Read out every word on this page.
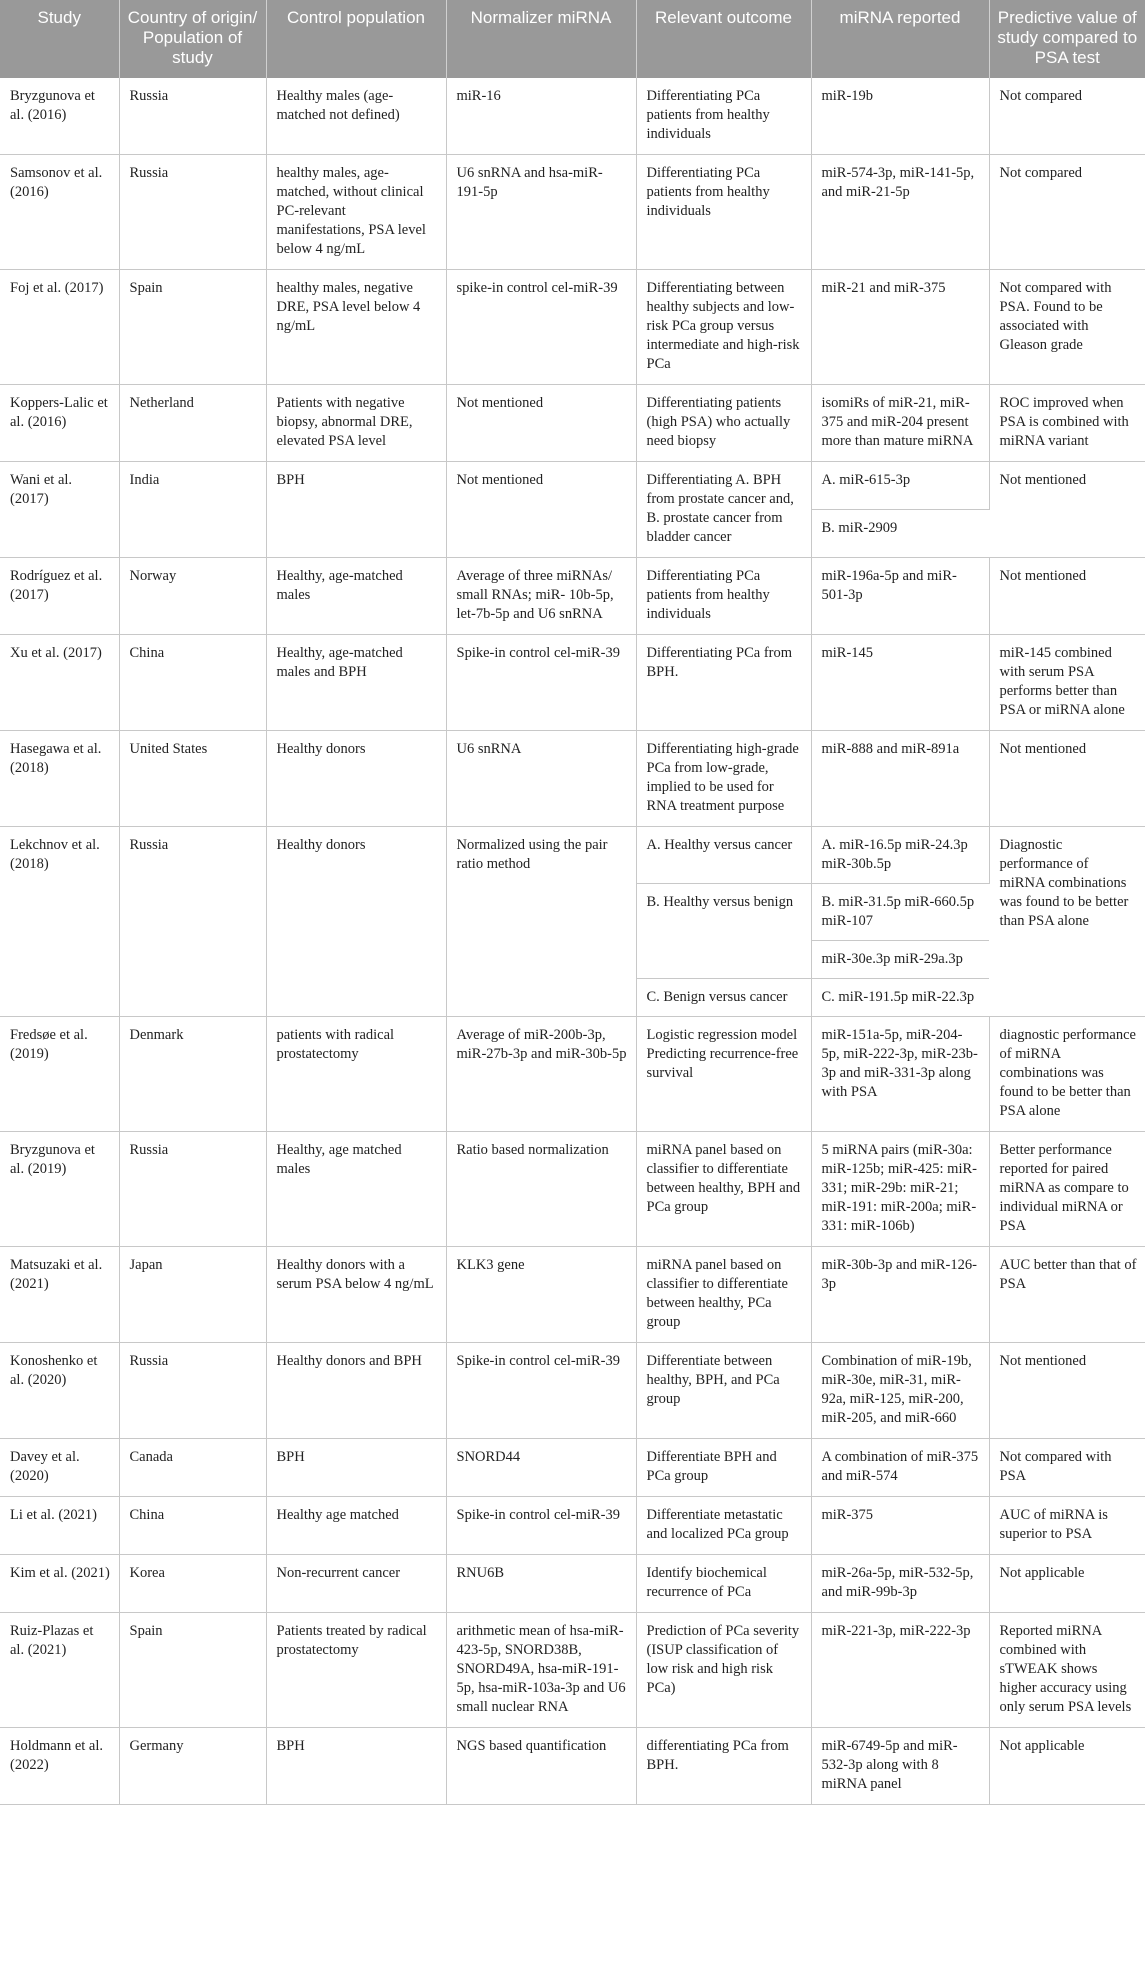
Study	Country of origin/ Population of study	Control population	Normalizer miRNA	Relevant outcome	miRNA reported	Predictive value of study compared to PSA test
Bryzgunova et al. (2016)	Russia	Healthy males (age-matched not defined)	miR-16	Differentiating PCa patients from healthy individuals	miR-19b	Not compared
Samsonov et al. (2016)	Russia	healthy males, age-matched, without clinical PC-relevant manifestations, PSA level below 4 ng/mL	U6 snRNA and hsa-miR-191-5p	Differentiating PCa patients from healthy individuals	miR-574-3p, miR-141-5p, and miR-21-5p	Not compared
Foj et al. (2017)	Spain	healthy males, negative DRE, PSA level below 4 ng/mL	spike-in control cel-miR-39	Differentiating between healthy subjects and low-risk PCa group versus intermediate and high-risk PCa	miR-21 and miR-375	Not compared with PSA. Found to be associated with Gleason grade
Koppers-Lalic et al. (2016)	Netherland	Patients with negative biopsy, abnormal DRE, elevated PSA level	Not mentioned	Differentiating patients (high PSA) who actually need biopsy	isomiRs of miR-21, miR-375 and miR-204 present more than mature miRNA	ROC improved when PSA is combined with miRNA variant
Wani et al. (2017)	India	BPH	Not mentioned	Differentiating A. BPH from prostate cancer and, B. prostate cancer from bladder cancer	A. miR-615-3p	Not mentioned
					B. miR-2909	
Rodríguez et al. (2017)	Norway	Healthy, age-matched males	Average of three miRNAs/ small RNAs; miR- 10b-5p, let-7b-5p and U6 snRNA	Differentiating PCa patients from healthy individuals	miR-196a-5p and miR-501-3p	Not mentioned
Xu et al. (2017)	China	Healthy, age-matched males and BPH	Spike-in control cel-miR-39	Differentiating PCa from BPH.	miR-145	miR-145 combined with serum PSA performs better than PSA or miRNA alone
Hasegawa et al. (2018)	United States	Healthy donors	U6 snRNA	Differentiating high-grade PCa from low-grade, implied to be used for RNA treatment purpose	miR-888 and miR-891a	Not mentioned
Lekchnov et al. (2018)	Russia	Healthy donors	Normalized using the pair ratio method	A. Healthy versus cancer	A. miR-16.5p miR-24.3p miR-30b.5p	Diagnostic performance of miRNA combinations was found to be better than PSA alone
				B. Healthy versus benign	B. miR-31.5p miR-660.5p miR-107	
					miR-30e.3p miR-29a.3p	
				C. Benign versus cancer	C. miR-191.5p miR-22.3p	
Fredsøe et al. (2019)	Denmark	patients with radical prostatectomy	Average of miR-200b-3p, miR-27b-3p and miR-30b-5p	Logistic regression model Predicting recurrence-free survival	miR-151a-5p, miR-204-5p, miR-222-3p, miR-23b-3p and miR-331-3p along with PSA	diagnostic performance of miRNA combinations was found to be better than PSA alone
Bryzgunova et al. (2019)	Russia	Healthy, age matched males	Ratio based normalization	miRNA panel based on classifier to differentiate between healthy, BPH and PCa group	5 miRNA pairs (miR-30a: miR-125b; miR-425: miR- 331; miR-29b: miR-21; miR-191: miR-200a; miR-331: miR-106b)	Better performance reported for paired miRNA as compare to individual miRNA or PSA
Matsuzaki et al. (2021)	Japan	Healthy donors with a serum PSA below 4 ng/mL	KLK3 gene	miRNA panel based on classifier to differentiate between healthy, PCa group	miR-30b-3p and miR-126-3p	AUC better than that of PSA
Konoshenko et al. (2020)	Russia	Healthy donors and BPH	Spike-in control cel-miR-39	Differentiate between healthy, BPH, and PCa group	Combination of miR-19b, miR-30e, miR-31, miR-92a, miR-125, miR-200, miR-205, and miR-660	Not mentioned
Davey et al. (2020)	Canada	BPH	SNORD44	Differentiate BPH and PCa group	A combination of miR-375 and miR-574	Not compared with PSA
Li et al. (2021)	China	Healthy age matched	Spike-in control cel-miR-39	Differentiate metastatic and localized PCa group	miR-375	AUC of miRNA is superior to PSA
Kim et al. (2021)	Korea	Non-recurrent cancer	RNU6B	Identify biochemical recurrence of PCa	miR-26a-5p, miR-532-5p, and miR-99b-3p	Not applicable
Ruiz-Plazas et al. (2021)	Spain	Patients treated by radical prostatectomy	arithmetic mean of hsa-miR-423-5p, SNORD38B, SNORD49A, hsa-miR-191-5p, hsa-miR-103a-3p and U6 small nuclear RNA	Prediction of PCa severity (ISUP classification of low risk and high risk PCa)	miR-221-3p, miR-222-3p	Reported miRNA combined with sTWEAK shows higher accuracy using only serum PSA levels
Holdmann et al. (2022)	Germany	BPH	NGS based quantification	differentiating PCa from BPH.	miR-6749-5p and miR-532-3p along with 8 miRNA panel	Not applicable
